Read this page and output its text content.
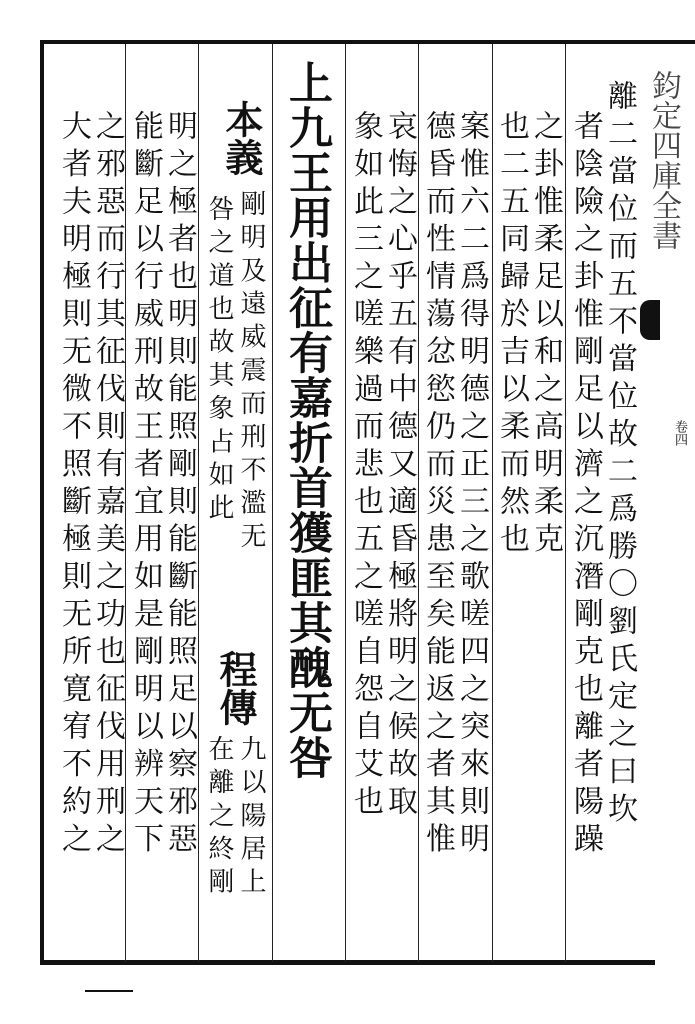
鈞定四庫全書
卷四
離二當位而五不當位故二爲勝〇劉氏定之曰坎
者陰險之卦惟剛足以濟之沉潛剛克也離者陽躁
之卦惟柔足以和之高明柔克
也二五同歸於吉以柔而然也
案惟六二爲得明德之正三之歌嗟四之突來則明
德昏而性情蕩忿慾仍而災患至矣能返之者其惟
哀悔之心乎五有中德又適昏極將明之候故取
象如此三之嗟樂過而悲也五之嗟自怨自艾也
上九王用出征有嘉折首獲匪其醜无咎
本義
剛明及遠威震而刑不濫无
咎之道也故其象占如此
程傳
九以陽居上
在離之終剛
明之極者也明則能照剛則能斷能照足以察邪惡
能斷足以行威刑故王者宜用如是剛明以辨天下
之邪惡而行其征伐則有嘉美之功也征伐用刑之
大者夫明極則无微不照斷極則无所寛宥不約之
